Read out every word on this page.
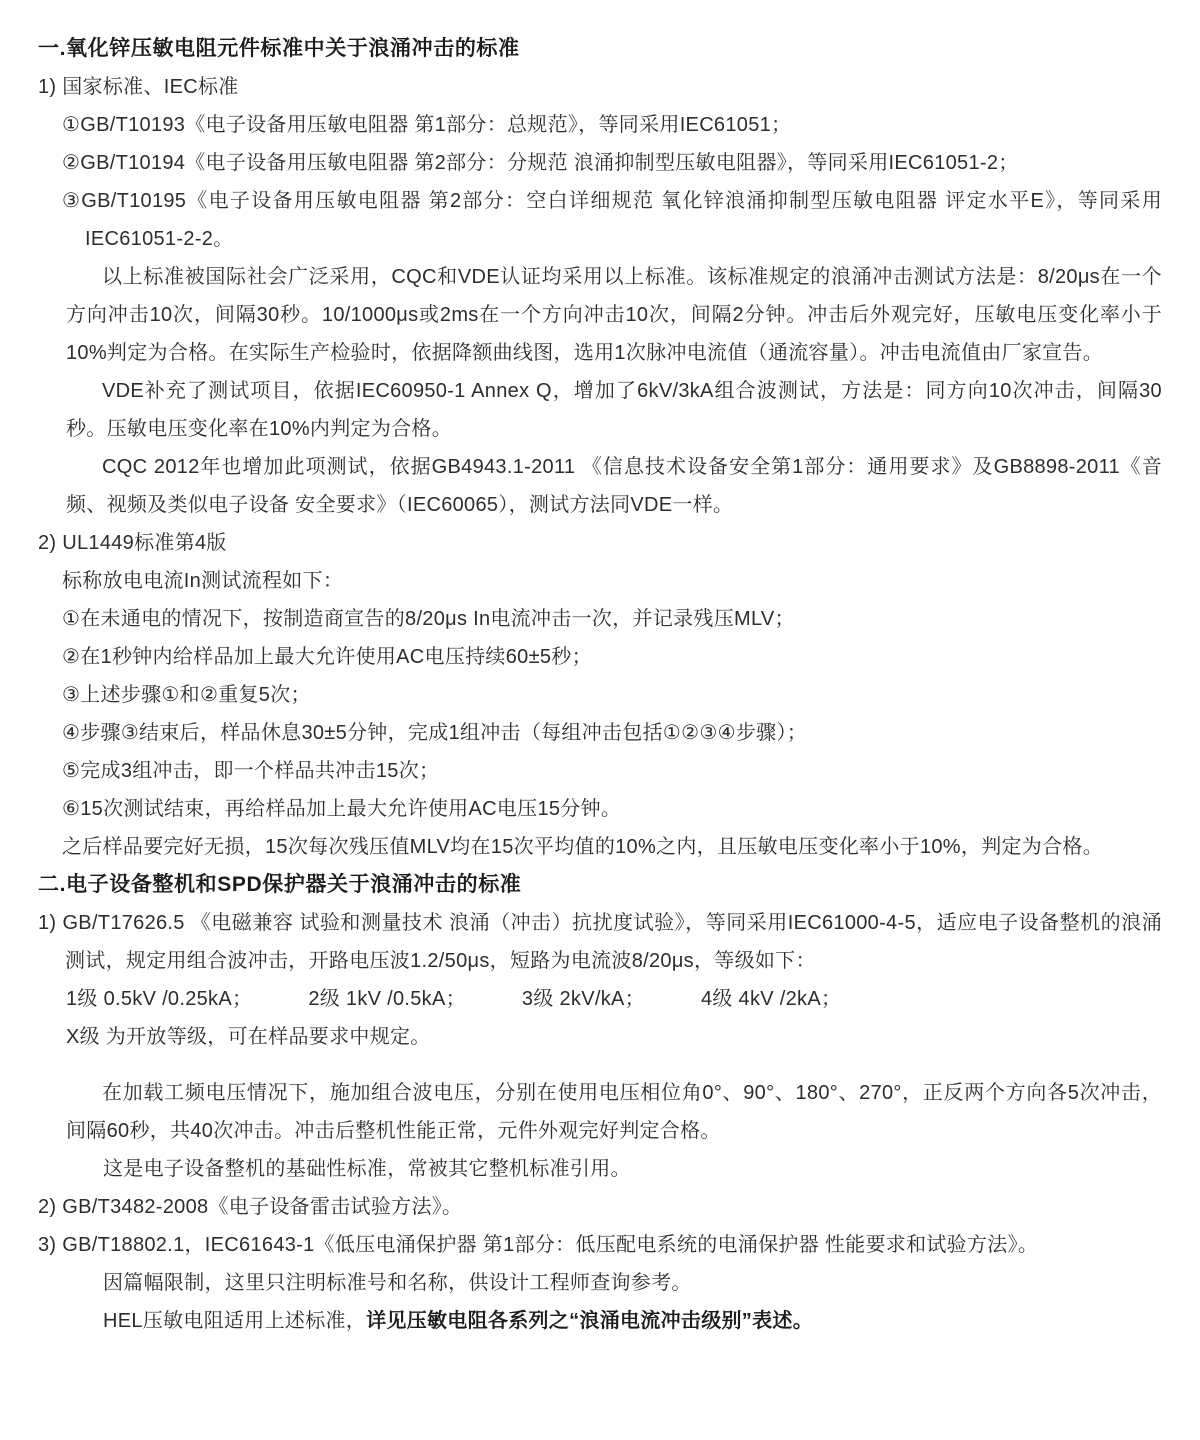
一.氧化锌压敏电阻元件标准中关于浪涌冲击的标准
1) 国家标准、IEC标准
①GB/T10193《电子设备用压敏电阻器 第1部分：总规范》，等同采用IEC61051；
②GB/T10194《电子设备用压敏电阻器 第2部分：分规范 浪涌抑制型压敏电阻器》，等同采用IEC61051-2；
③GB/T10195《电子设备用压敏电阻器 第2部分：空白详细规范 氧化锌浪涌抑制型压敏电阻器 评定水平E》，等同采用IEC61051-2-2。
以上标准被国际社会广泛采用，CQC和VDE认证均采用以上标准。该标准规定的浪涌冲击测试方法是：8/20μs在一个方向冲击10次，间隔30秒。10/1000μs或2ms在一个方向冲击10次，间隔2分钟。冲击后外观完好，压敏电压变化率小于10%判定为合格。在实际生产检验时，依据降额曲线图，选用1次脉冲电流值（通流容量）。冲击电流值由厂家宣告。
VDE补充了测试项目，依据IEC60950-1 Annex Q，增加了6kV/3kA组合波测试，方法是：同方向10次冲击，间隔30秒。压敏电压变化率在10%内判定为合格。
CQC 2012年也增加此项测试，依据GB4943.1-2011 《信息技术设备安全第1部分：通用要求》及GB8898-2011《音频、视频及类似电子设备 安全要求》（IEC60065），测试方法同VDE一样。
2) UL1449标准第4版
标称放电电流In测试流程如下：
①在未通电的情况下，按制造商宣告的8/20μs In电流冲击一次，并记录残压MLV；
②在1秒钟内给样品加上最大允许使用AC电压持续60±5秒；
③上述步骤①和②重复5次；
④步骤③结束后，样品休息30±5分钟，完成1组冲击（每组冲击包括①②③④步骤）；
⑤完成3组冲击，即一个样品共冲击15次；
⑥15次测试结束，再给样品加上最大允许使用AC电压15分钟。
之后样品要完好无损，15次每次残压值MLV均在15次平均值的10%之内，且压敏电压变化率小于10%，判定为合格。
二.电子设备整机和SPD保护器关于浪涌冲击的标准
1) GB/T17626.5 《电磁兼容 试验和测量技术 浪涌（冲击）抗扰度试验》，等同采用IEC61000-4-5，适应电子设备整机的浪涌测试，规定用组合波冲击，开路电压波1.2/50μs，短路为电流波8/20μs，等级如下：
1级 0.5kV /0.25kA；	2级 1kV /0.5kA；	3级 2kV/kA；	4级 4kV /2kA；
X级 为开放等级，可在样品要求中规定。
在加载工频电压情况下，施加组合波电压，分别在使用电压相位角0°、90°、180°、270°，正反两个方向各5次冲击，间隔60秒，共40次冲击。冲击后整机性能正常，元件外观完好判定合格。
这是电子设备整机的基础性标准，常被其它整机标准引用。
2) GB/T3482-2008《电子设备雷击试验方法》。
3) GB/T18802.1，IEC61643-1《低压电涌保护器 第1部分：低压配电系统的电涌保护器 性能要求和试验方法》。
因篇幅限制，这里只注明标准号和名称，供设计工程师查询参考。
HEL压敏电阻适用上述标准，详见压敏电阻各系列之“浪涌电流冲击级别”表述。
